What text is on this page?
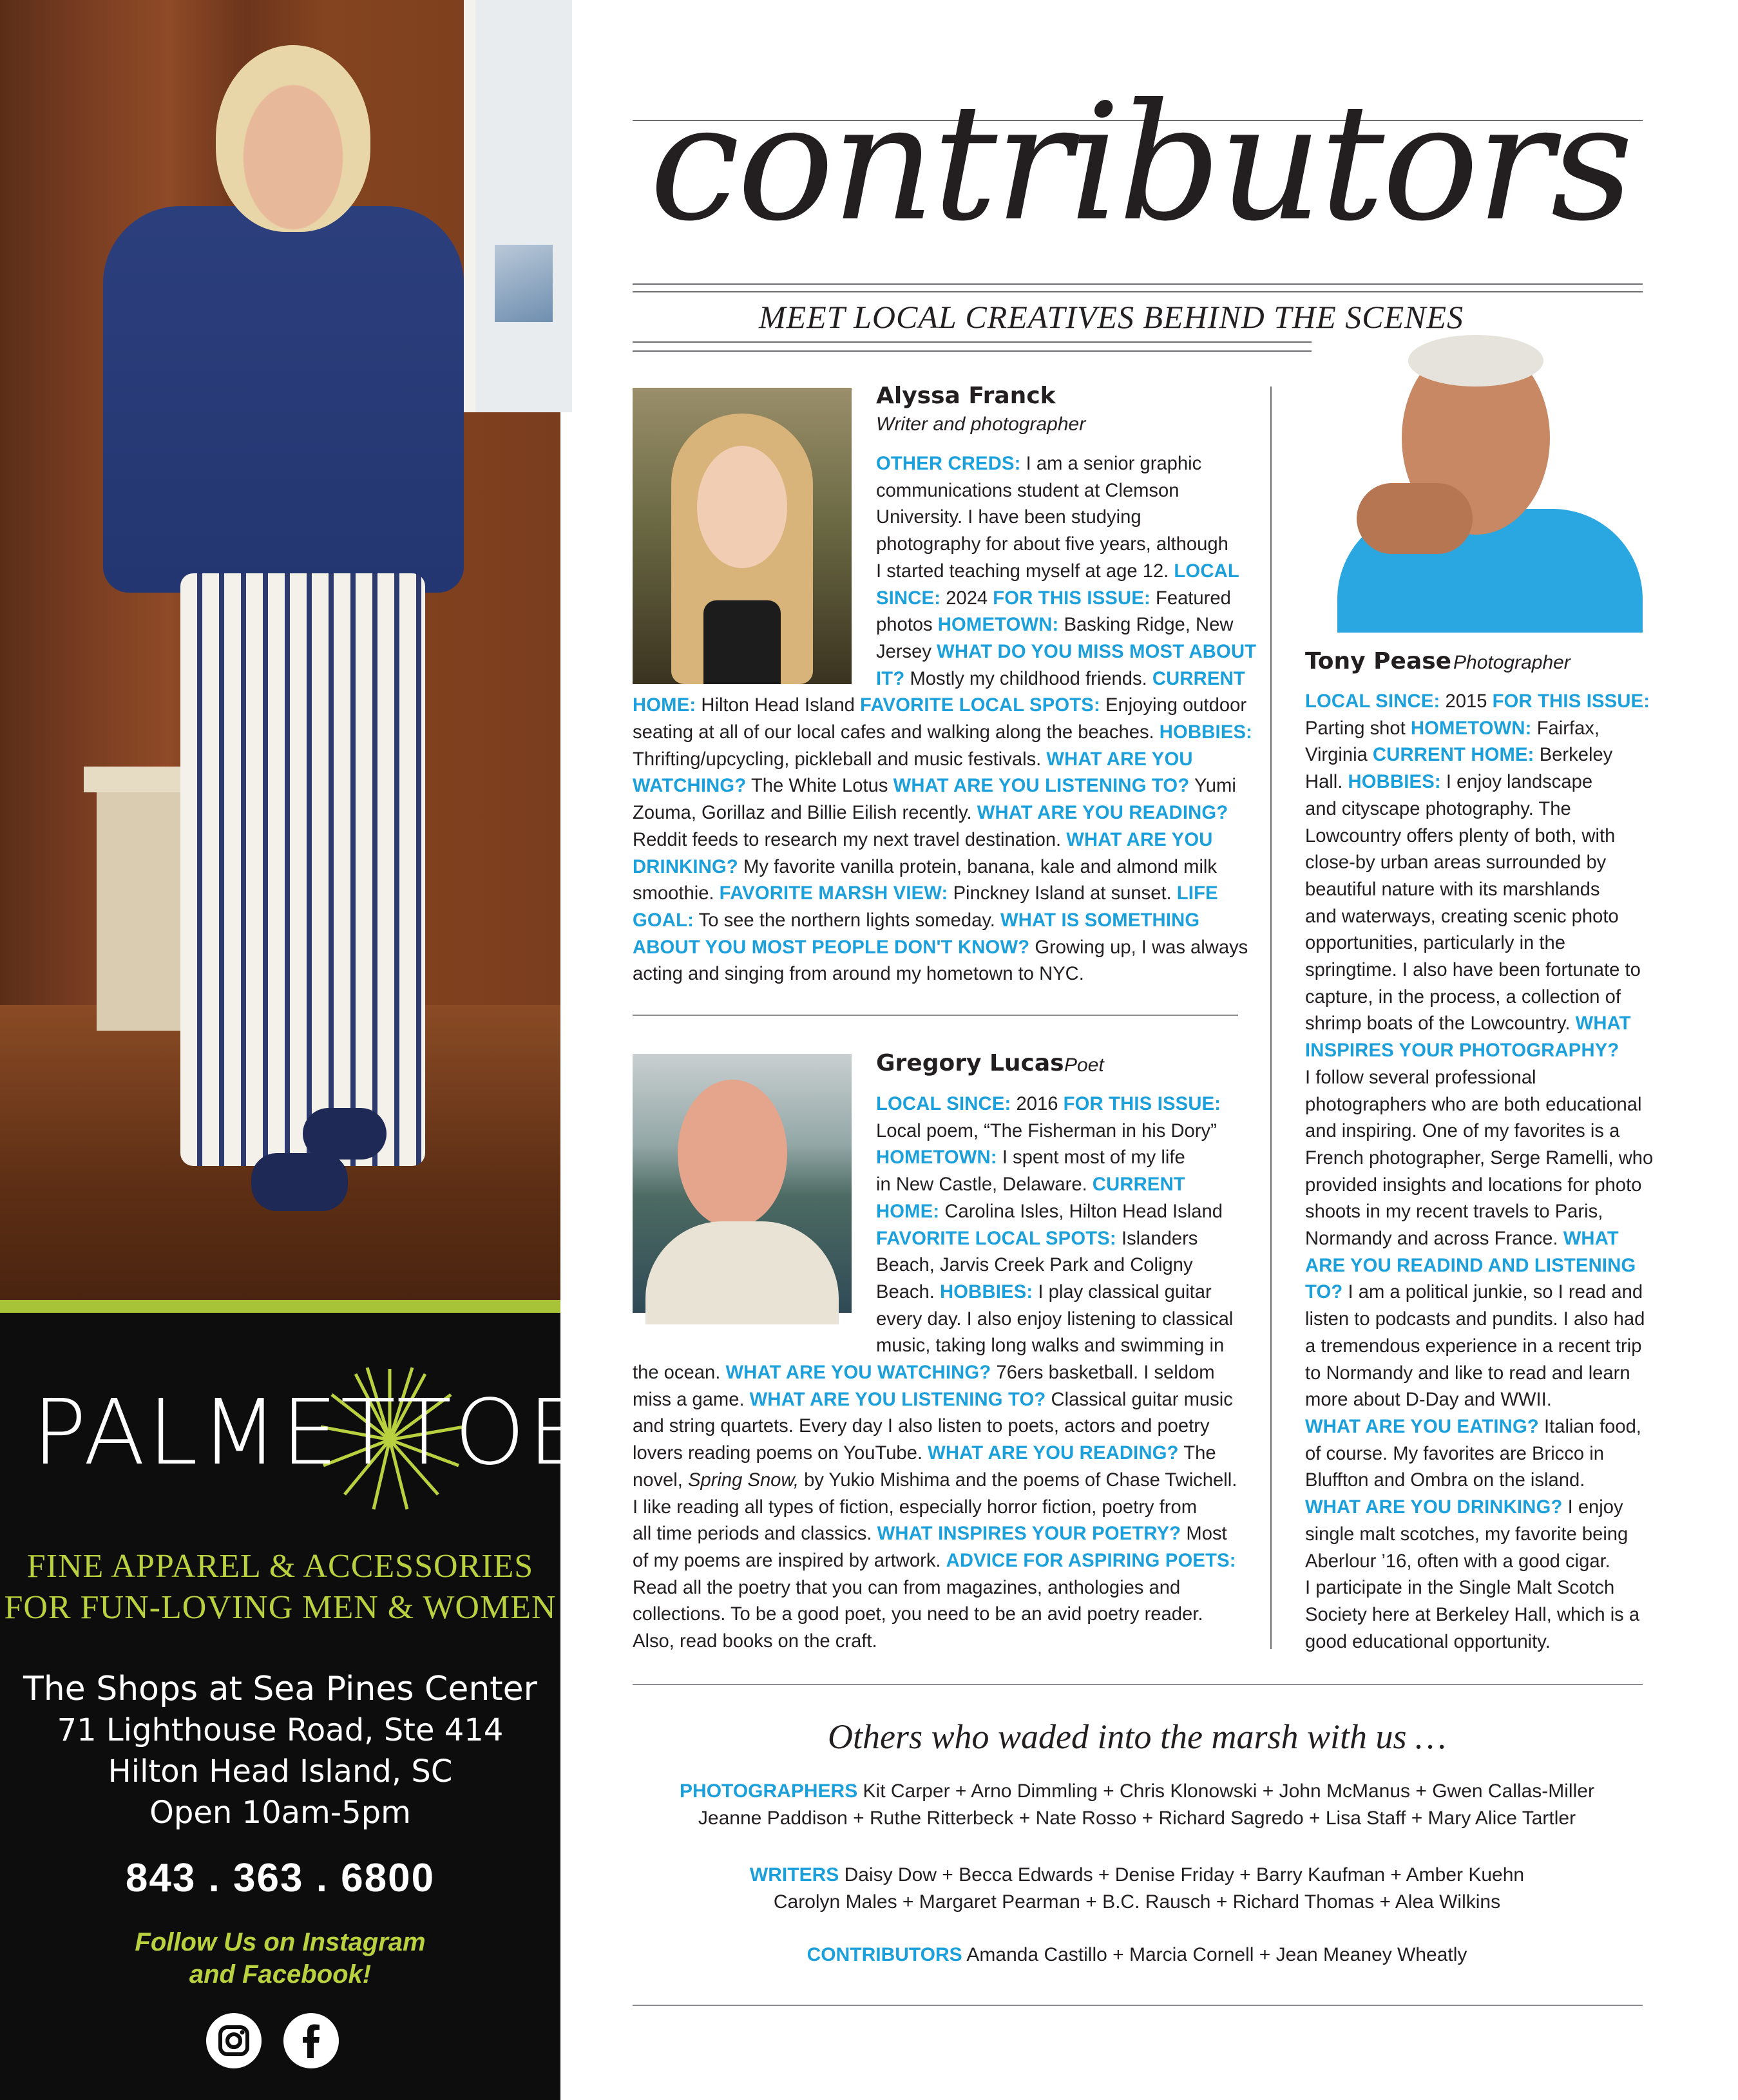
PALMETTOES
FINE APPAREL & ACCESSORIES
FOR FUN-LOVING MEN & WOMEN
The Shops at Sea Pines Center
71 Lighthouse Road, Ste 414
Hilton Head Island, SC
Open 10am-5pm
843 . 363 . 6800
Follow Us on Instagram
and Facebook!
contributors
MEET LOCAL CREATIVES BEHIND THE SCENES
Alyssa Franck
Writer and photographer
OTHER CREDS: I am a senior graphic
communications student at Clemson
University. I have been studying
photography for about five years, although
I started teaching myself at age 12. LOCAL
SINCE: 2024 FOR THIS ISSUE: Featured
photos HOMETOWN: Basking Ridge, New
Jersey WHAT DO YOU MISS MOST ABOUT
IT? Mostly my childhood friends. CURRENT
HOME: Hilton Head Island FAVORITE LOCAL SPOTS: Enjoying outdoor
seating at all of our local cafes and walking along the beaches. HOBBIES:
Thrifting/upcycling, pickleball and music festivals. WHAT ARE YOU
WATCHING? The White Lotus WHAT ARE YOU LISTENING TO? Yumi
Zouma, Gorillaz and Billie Eilish recently. WHAT ARE YOU READING?
Reddit feeds to research my next travel destination. WHAT ARE YOU
DRINKING? My favorite vanilla protein, banana, kale and almond milk
smoothie. FAVORITE MARSH VIEW: Pinckney Island at sunset. LIFE
GOAL: To see the northern lights someday. WHAT IS SOMETHING
ABOUT YOU MOST PEOPLE DON'T KNOW? Growing up, I was always
acting and singing from around my hometown to NYC.
Gregory Lucas Poet
LOCAL SINCE: 2016 FOR THIS ISSUE:
Local poem, “The Fisherman in his Dory”
HOMETOWN: I spent most of my life
in New Castle, Delaware. CURRENT
HOME: Carolina Isles, Hilton Head Island
FAVORITE LOCAL SPOTS: Islanders
Beach, Jarvis Creek Park and Coligny
Beach. HOBBIES: I play classical guitar
every day. I also enjoy listening to classical
music, taking long walks and swimming in
the ocean. WHAT ARE YOU WATCHING? 76ers basketball. I seldom
miss a game. WHAT ARE YOU LISTENING TO? Classical guitar music
and string quartets. Every day I also listen to poets, actors and poetry
lovers reading poems on YouTube. WHAT ARE YOU READING? The
novel, Spring Snow, by Yukio Mishima and the poems of Chase Twichell.
I like reading all types of fiction, especially horror fiction, poetry from
all time periods and classics. WHAT INSPIRES YOUR POETRY? Most
of my poems are inspired by artwork. ADVICE FOR ASPIRING POETS:
Read all the poetry that you can from magazines, anthologies and
collections. To be a good poet, you need to be an avid poetry reader.
Also, read books on the craft.
Tony Pease Photographer
LOCAL SINCE: 2015 FOR THIS ISSUE:
Parting shot HOMETOWN: Fairfax,
Virginia CURRENT HOME: Berkeley
Hall. HOBBIES: I enjoy landscape
and cityscape photography. The
Lowcountry offers plenty of both, with
close-by urban areas surrounded by
beautiful nature with its marshlands
and waterways, creating scenic photo
opportunities, particularly in the
springtime. I also have been fortunate to
capture, in the process, a collection of
shrimp boats of the Lowcountry. WHAT
INSPIRES YOUR PHOTOGRAPHY?
I follow several professional
photographers who are both educational
and inspiring. One of my favorites is a
French photographer, Serge Ramelli, who
provided insights and locations for photo
shoots in my recent travels to Paris,
Normandy and across France. WHAT
ARE YOU READIND AND LISTENING
TO? I am a political junkie, so I read and
listen to podcasts and pundits. I also had
a tremendous experience in a recent trip
to Normandy and like to read and learn
more about D-Day and WWII.
WHAT ARE YOU EATING? Italian food,
of course. My favorites are Bricco in
Bluffton and Ombra on the island.
WHAT ARE YOU DRINKING? I enjoy
single malt scotches, my favorite being
Aberlour ’16, often with a good cigar.
I participate in the Single Malt Scotch
Society here at Berkeley Hall, which is a
good educational opportunity.
Others who waded into the marsh with us …
PHOTOGRAPHERS Kit Carper + Arno Dimmling + Chris Klonowski + John McManus + Gwen Callas-Miller
Jeanne Paddison + Ruthe Ritterbeck + Nate Rosso + Richard Sagredo + Lisa Staff + Mary Alice Tartler
WRITERS Daisy Dow + Becca Edwards + Denise Friday + Barry Kaufman + Amber Kuehn
Carolyn Males + Margaret Pearman + B.C. Rausch + Richard Thomas + Alea Wilkins
CONTRIBUTORS Amanda Castillo + Marcia Cornell + Jean Meaney Wheatly
